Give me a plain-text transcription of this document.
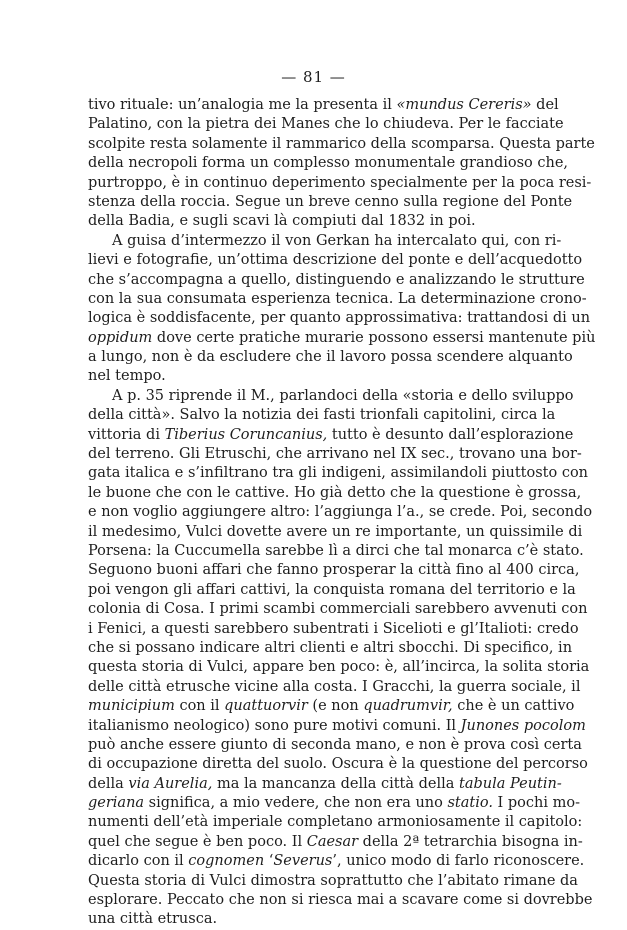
— 81 —
tivo rituale: un’analogia me la presenta il «mundus Cereris» del
Palatino, con la pietra dei Manes che lo chiudeva. Per le facciate
scolpite resta solamente il rammarico della scomparsa. Questa parte
della necropoli forma un complesso monumentale grandioso che,
purtroppo, è in continuo deperimento specialmente per la poca resi-
stenza della roccia. Segue un breve cenno sulla regione del Ponte
della Badia, e sugli scavi là compiuti dal 1832 in poi.
A guisa d’intermezzo il von Gerkan ha intercalato qui, con ri-
lievi e fotografie, un’ottima descrizione del ponte e dell’acquedotto
che s’accompagna a quello, distinguendo e analizzando le strutture
con la sua consumata esperienza tecnica. La determinazione crono-
logica è soddisfacente, per quanto approssimativa: trattandosi di un
oppidum dove certe pratiche murarie possono essersi mantenute più
a lungo, non è da escludere che il lavoro possa scendere alquanto
nel tempo.
A p. 35 riprende il M., parlandoci della «storia e dello sviluppo
della città». Salvo la notizia dei fasti trionfali capitolini, circa la
vittoria di Tiberius Coruncanius, tutto è desunto dall’esplorazione
del terreno. Gli Etruschi, che arrivano nel IX sec., trovano una bor-
gata italica e s’infiltrano tra gli indigeni, assimilandoli piuttosto con
le buone che con le cattive. Ho già detto che la questione è grossa,
e non voglio aggiungere altro: l’aggiunga l’a., se crede. Poi, secondo
il medesimo, Vulci dovette avere un re importante, un quissimile di
Porsena: la Cuccumella sarebbe lì a dirci che tal monarca c’è stato.
Seguono buoni affari che fanno prosperar la città fino al 400 circa,
poi vengon gli affari cattivi, la conquista romana del territorio e la
colonia di Cosa. I primi scambi commerciali sarebbero avvenuti con
i Fenici, a questi sarebbero subentrati i Sicelioti e gl’Italioti: credo
che si possano indicare altri clienti e altri sbocchi. Di specifico, in
questa storia di Vulci, appare ben poco: è, all’incirca, la solita storia
delle città etrusche vicine alla costa. I Gracchi, la guerra sociale, il
municipium con il quattuorvir (e non quadrumvir, che è un cattivo
italianismo neologico) sono pure motivi comuni. Il Junones pocolom
può anche essere giunto di seconda mano, e non è prova così certa
di occupazione diretta del suolo. Oscura è la questione del percorso
della via Aurelia, ma la mancanza della città della tabula Peutin-
geriana significa, a mio vedere, che non era uno statio. I pochi mo-
numenti dell’età imperiale completano armoniosamente il capitolo:
quel che segue è ben poco. Il Caesar della 2ª tetrarchia bisogna in-
dicarlo con il cognomen ‘Severus’, unico modo di farlo riconoscere.
Questa storia di Vulci dimostra soprattutto che l’abitato rimane da
esplorare. Peccato che non si riesca mai a scavare come si dovrebbe
una città etrusca.
